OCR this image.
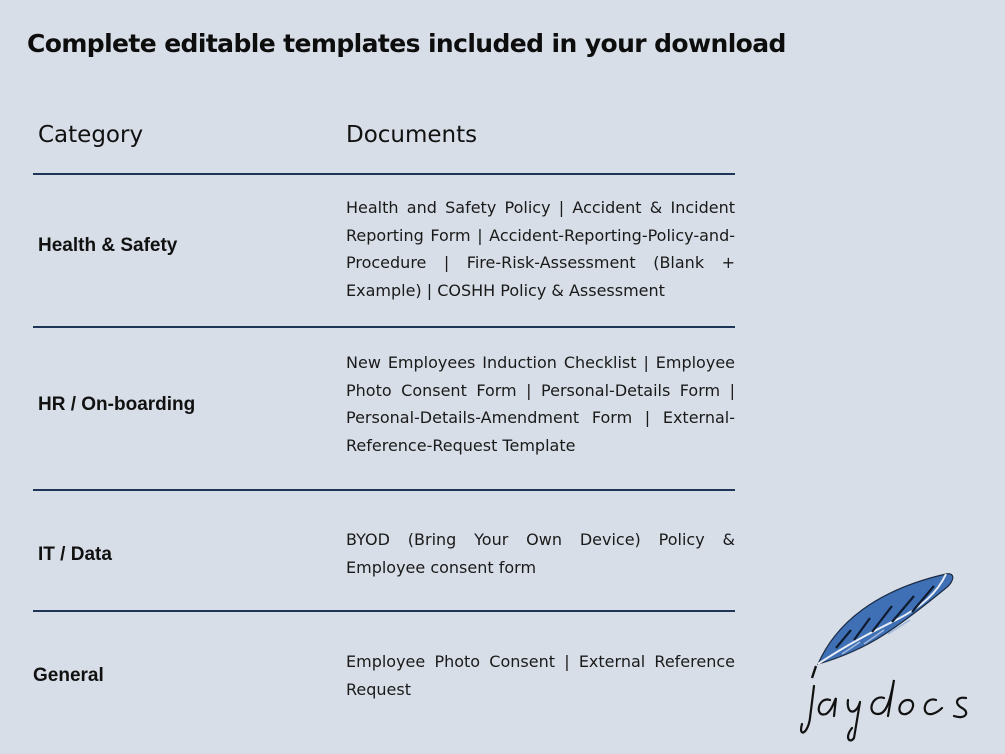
Complete editable templates included in your download
Category	Documents
Health & Safety
Health and Safety Policy | Accident & Incident Reporting Form | Accident-Reporting-Policy-and-Procedure | Fire-Risk-Assessment (Blank + Example) | COSHH Policy & Assessment
HR / On-boarding
New Employees Induction Checklist | Employee Photo Consent Form | Personal-Details Form | Personal-Details-Amendment Form | External-Reference-Request Template
IT / Data
BYOD (Bring Your Own Device) Policy & Employee consent form
General
Employee Photo Consent | External Reference Request
